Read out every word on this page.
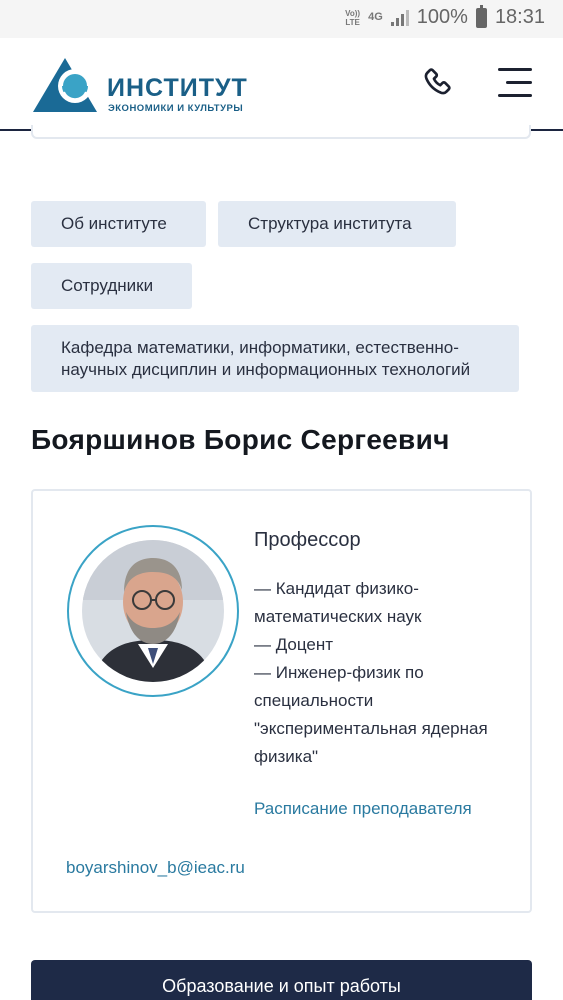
Vo))
LTE 4G 100% 18:31
ИНСТИТУТ
ЭКОНОМИКИ И КУЛЬТУРЫ
Об институте	Структура института
Сотрудники
Кафедра математики, информатики, естественно-научных дисциплин и информационных технологий
Бояршинов Борис Сергеевич
Профессор
— Кандидат физико-математических наук
— Доцент
— Инженер-физик по специальности "экспериментальная ядерная физика"
Расписание преподавателя
boyarshinov_b@ieac.ru
Образование и опыт работы
